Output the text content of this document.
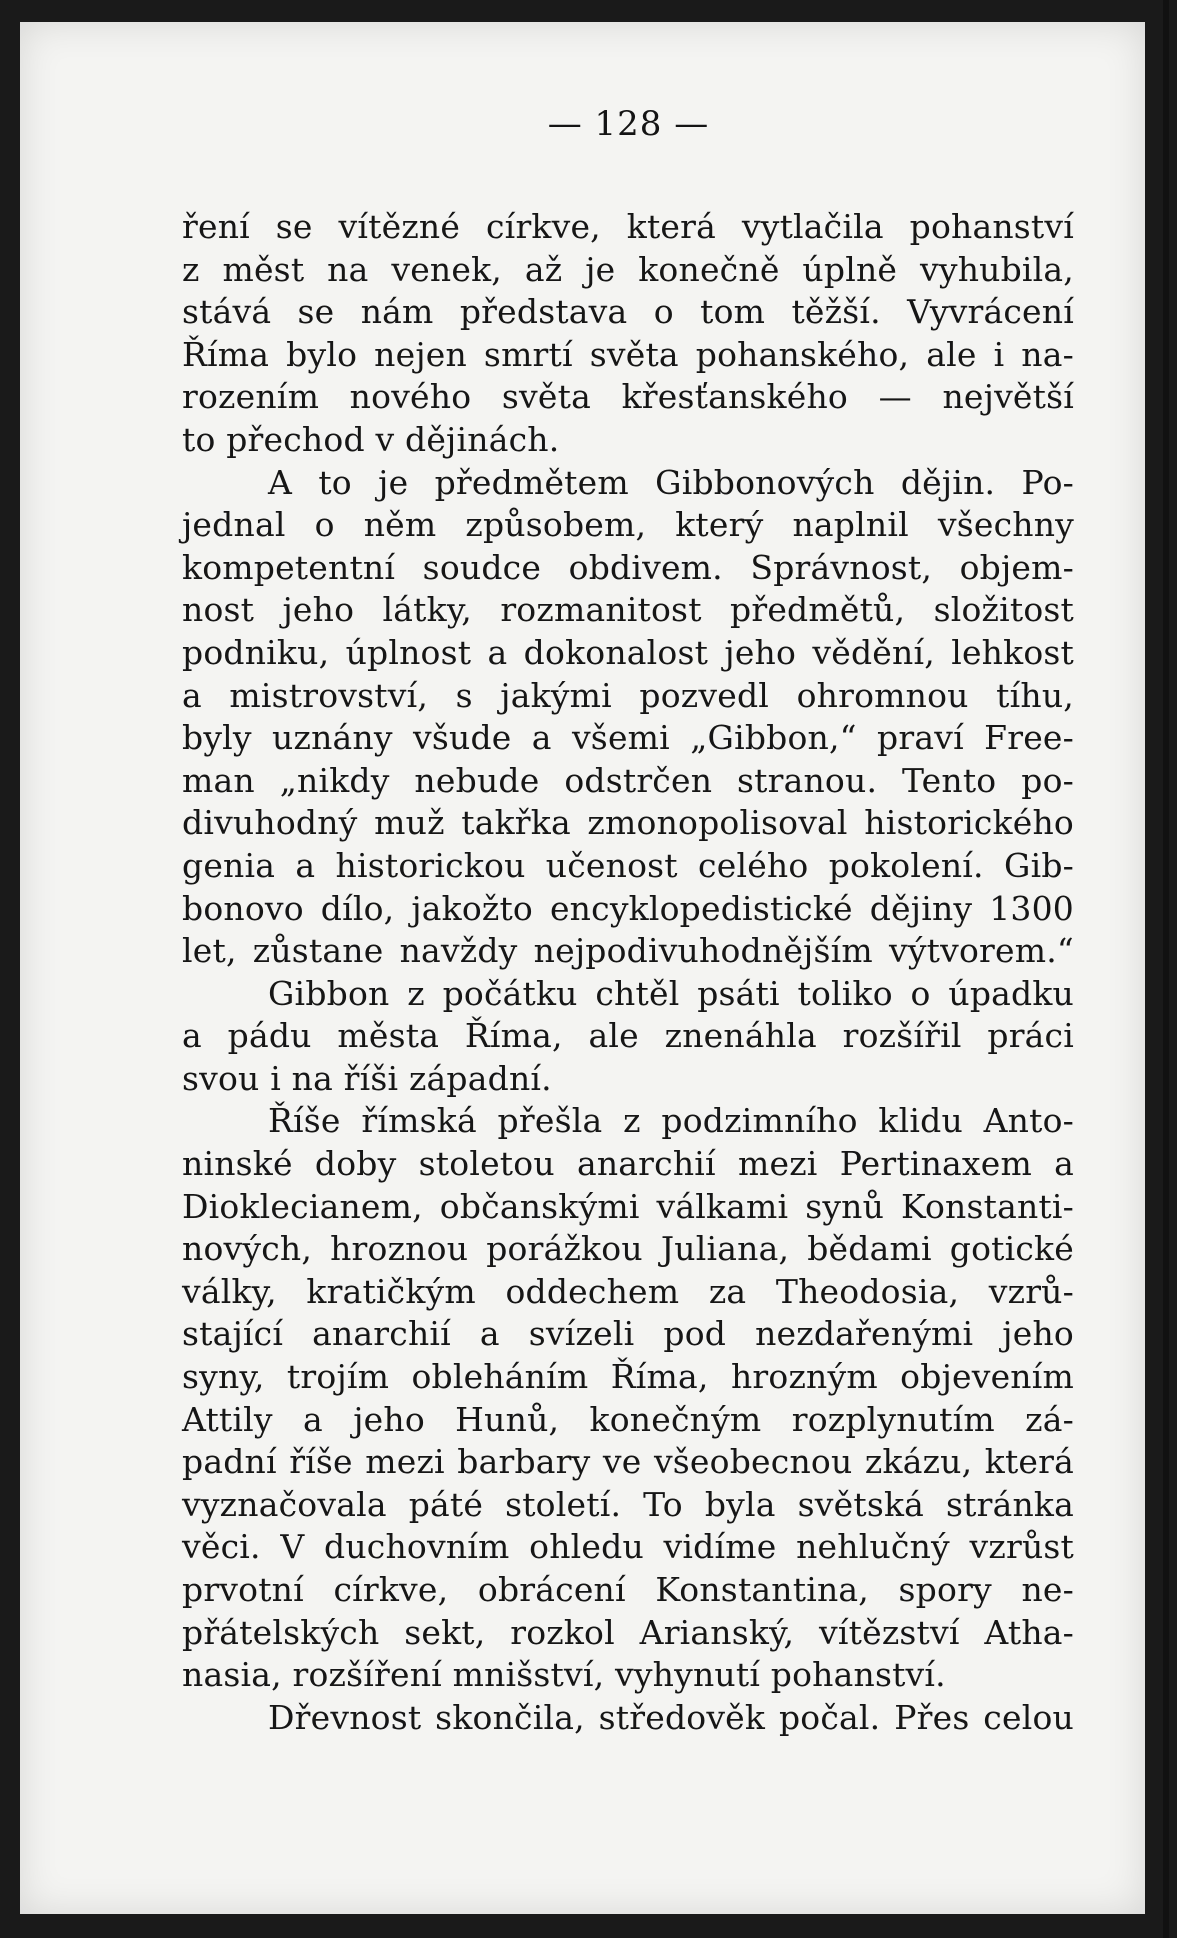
— 128 —
ření se vítězné církve, která vytlačila pohanství
z měst na venek, až je konečně úplně vyhubila,
stává se nám představa o tom těžší. Vyvrácení
Říma bylo nejen smrtí světa pohanského, ale i na-
rozením nového světa křesťanského — největší
to přechod v dějinách.
A to je předmětem Gibbonových dějin. Po-
jednal o něm způsobem, který naplnil všechny
kompetentní soudce obdivem. Správnost, objem-
nost jeho látky, rozmanitost předmětů, složitost
podniku, úplnost a dokonalost jeho vědění, lehkost
a mistrovství, s jakými pozvedl ohromnou tíhu,
byly uznány všude a všemi „Gibbon,“ praví Free-
man „nikdy nebude odstrčen stranou. Tento po-
divuhodný muž takřka zmonopolisoval historického
genia a historickou učenost celého pokolení. Gib-
bonovo dílo, jakožto encyklopedistické dějiny 1300
let, zůstane navždy nejpodivuhodnějším výtvorem.“
Gibbon z počátku chtěl psáti toliko o úpadku
a pádu města Říma, ale znenáhla rozšířil práci
svou i na říši západní.
Říše římská přešla z podzimního klidu Anto-
ninské doby stoletou anarchií mezi Pertinaxem a
Dioklecianem, občanskými válkami synů Konstanti-
nových, hroznou porážkou Juliana, bědami gotické
války, kratičkým oddechem za Theodosia, vzrů-
stající anarchií a svízeli pod nezdařenými jeho
syny, trojím obleháním Říma, hrozným objevením
Attily a jeho Hunů, konečným rozplynutím zá-
padní říše mezi barbary ve všeobecnou zkázu, která
vyznačovala páté století. To byla světská stránka
věci. V duchovním ohledu vidíme nehlučný vzrůst
prvotní církve, obrácení Konstantina, spory ne-
přátelských sekt, rozkol Arianský, vítězství Atha-
nasia, rozšíření mnišství, vyhynutí pohanství.
Dřevnost skončila, středověk počal. Přes celou
